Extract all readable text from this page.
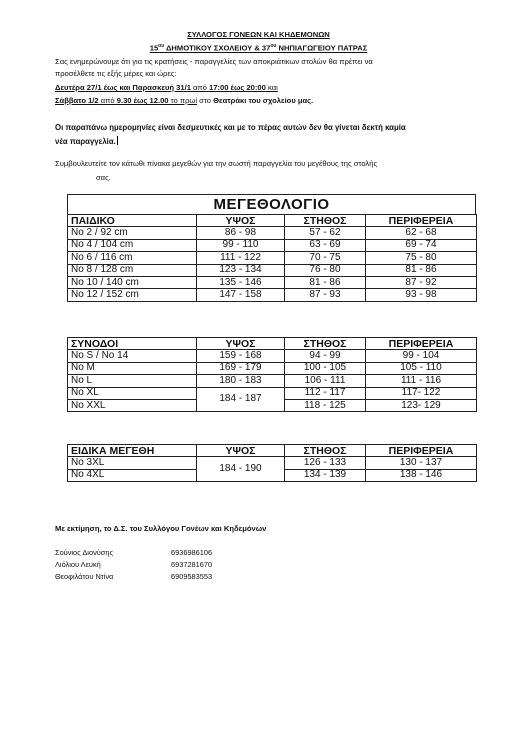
ΣΥΛΛΟΓΟΣ ΓΟΝΕΩΝ ΚΑΙ ΚΗΔΕΜΟΝΩΝ
$15^{o\upsilon}$ ΔΗΜΟΤΙΚΟΥ ΣΧΟΛΕΙΟΥ & $37^{o\upsilon}$ ΝΗΠΙΑΓΩΓΕΙΟΥ ΠΑΤΡΑΣ
Σας ενημερώνουμε ότι για τις κρατήσεις - παραγγελίες των αποκριάτικων στολών θα πρέπει να
προσέλθετε τις εξής μέρες και ώρες:
Δευτέρα 27/1 έως και Παρασκευή 31/1 από 17:00 έως 20:00 και
Σάββατο 1/2 από 9.30 έως 12.00 το πρωί στο Θεατράκι του σχολείου μας.
Οι παραπάνω ημερομηνίες είναι δεσμευτικές και με το πέρας αυτών δεν θα γίνεται δεκτή καμία
νέα παραγγελία.
Συμβουλευτείτε τον κάτωθι πίνακα μεγεθών για την σωστή παραγγελία του μεγέθους της στολής
σας.
ΜΕΓΕΘΟΛΟΓΙΟ
ΠΑΙΔΙΚΟ	ΥΨΟΣ	ΣΤΗΘΟΣ	ΠΕΡΙΦΕΡΕΙΑ
No 2 / 92 cm	86 - 98	57 - 62	62 - 68
No 4 / 104 cm	99 - 110	63 - 69	69 - 74
No 6 / 116 cm	111 - 122	70 - 75	75 - 80
No 8 / 128 cm	123 - 134	76 - 80	81 - 86
No 10 / 140 cm	135 - 146	81 - 86	87 - 92
No 12 / 152 cm	147 - 158	87 - 93	93 - 98
ΣΥΝΟΔΟΙ	ΥΨΟΣ	ΣΤΗΘΟΣ	ΠΕΡΙΦΕΡΕΙΑ
No S / No 14	159 - 168	94 - 99	99 - 104
No M	169 - 179	100 - 105	105 - 110
No L	180 - 183	106 - 111	111 - 116
No XL	184 - 187	112 - 117	117- 122
No XXL		118 - 125	123- 129
ΕΙΔΙΚΑ ΜΕΓΕΘΗ	ΥΨΟΣ	ΣΤΗΘΟΣ	ΠΕΡΙΦΕΡΕΙΑ
No 3XL	184 - 190	126 - 133	130 - 137
No 4XL		134 - 139	138 - 146
Με εκτίμηση, το Δ.Σ. του Συλλόγου Γονέων και Κηδεμόνων
Σούνιος Διονύσης	6936986106
Λιόλιου Λευκή	6937281670
Θεοφιλάτου Ντίνα	6909583553
